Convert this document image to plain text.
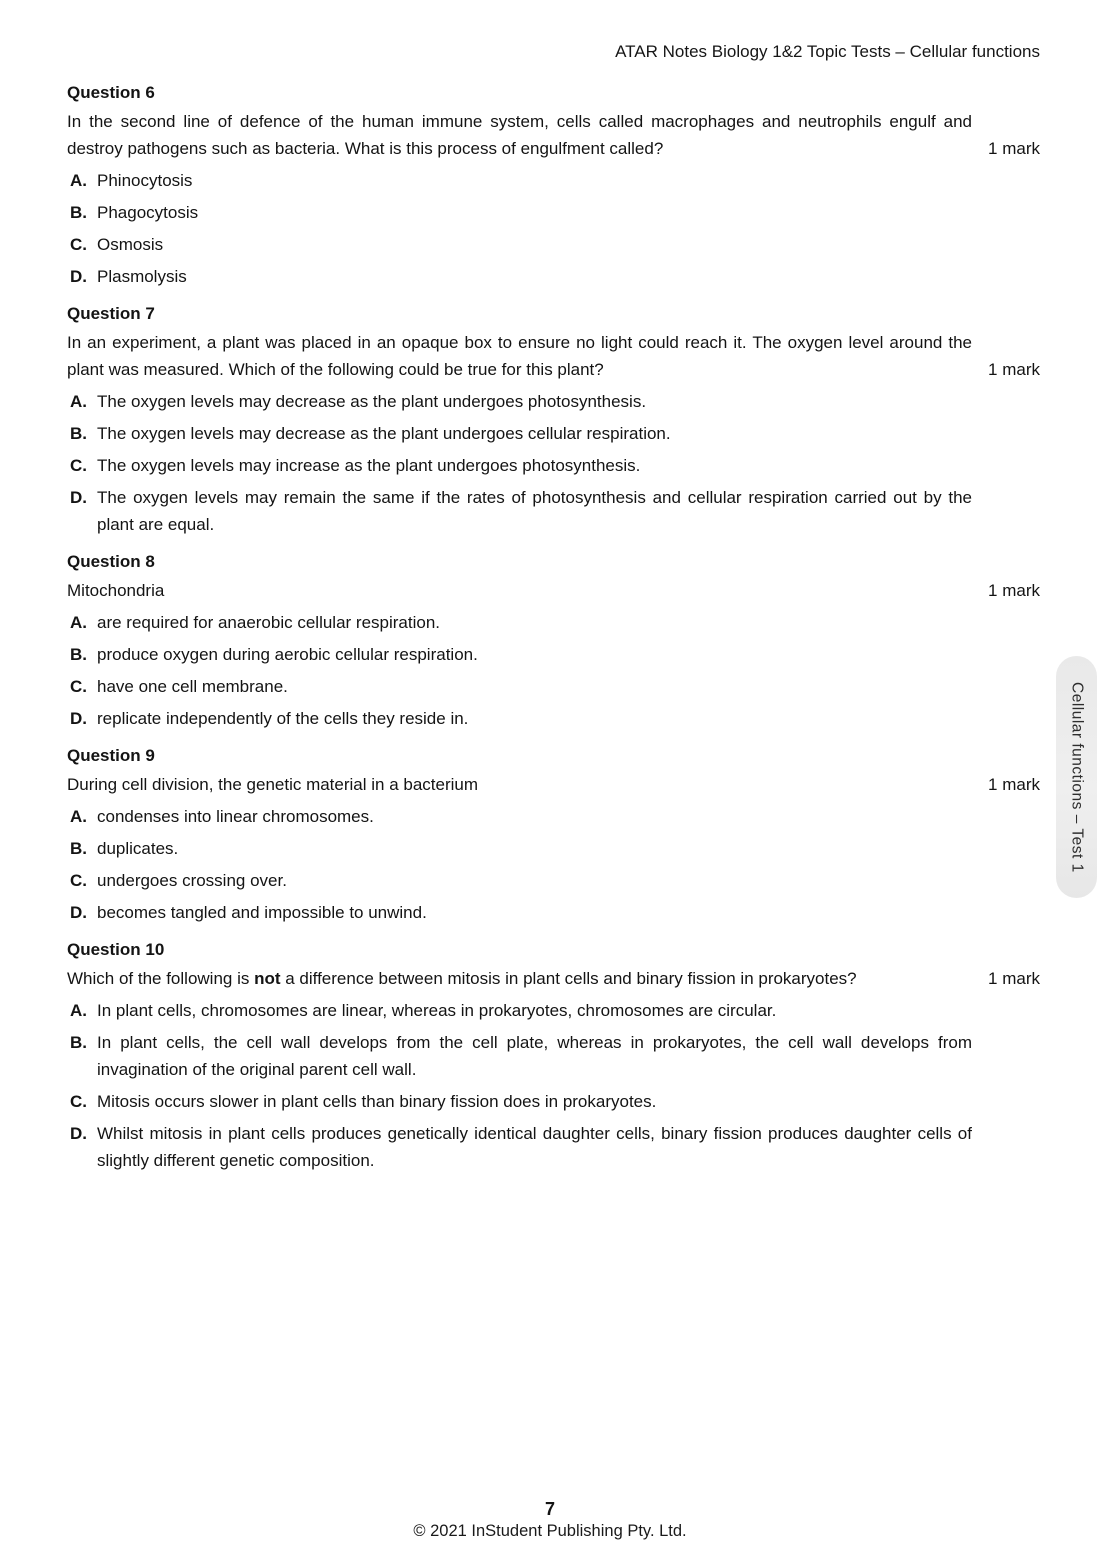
ATAR Notes Biology 1&2 Topic Tests – Cellular functions
Question 6

In the second line of defence of the human immune system, cells called macrophages and neutrophils engulf and destroy pathogens such as bacteria. What is this process of engulfment called?	1 mark
A. Phinocytosis
B. Phagocytosis
C. Osmosis
D. Plasmolysis
Question 7

In an experiment, a plant was placed in an opaque box to ensure no light could reach it. The oxygen level around the plant was measured. Which of the following could be true for this plant?	1 mark
A. The oxygen levels may decrease as the plant undergoes photosynthesis.
B. The oxygen levels may decrease as the plant undergoes cellular respiration.
C. The oxygen levels may increase as the plant undergoes photosynthesis.
D. The oxygen levels may remain the same if the rates of photosynthesis and cellular respiration carried out by the plant are equal.
Question 8

Mitochondria	1 mark
A. are required for anaerobic cellular respiration.
B. produce oxygen during aerobic cellular respiration.
C. have one cell membrane.
D. replicate independently of the cells they reside in.
Question 9

During cell division, the genetic material in a bacterium	1 mark
A. condenses into linear chromosomes.
B. duplicates.
C. undergoes crossing over.
D. becomes tangled and impossible to unwind.
Question 10

Which of the following is not a difference between mitosis in plant cells and binary fission in prokaryotes?	1 mark
A. In plant cells, chromosomes are linear, whereas in prokaryotes, chromosomes are circular.
B. In plant cells, the cell wall develops from the cell plate, whereas in prokaryotes, the cell wall develops from invagination of the original parent cell wall.
C. Mitosis occurs slower in plant cells than binary fission does in prokaryotes.
D. Whilst mitosis in plant cells produces genetically identical daughter cells, binary fission produces daughter cells of slightly different genetic composition.
Cellular functions – Test 1
7
© 2021 InStudent Publishing Pty. Ltd.
